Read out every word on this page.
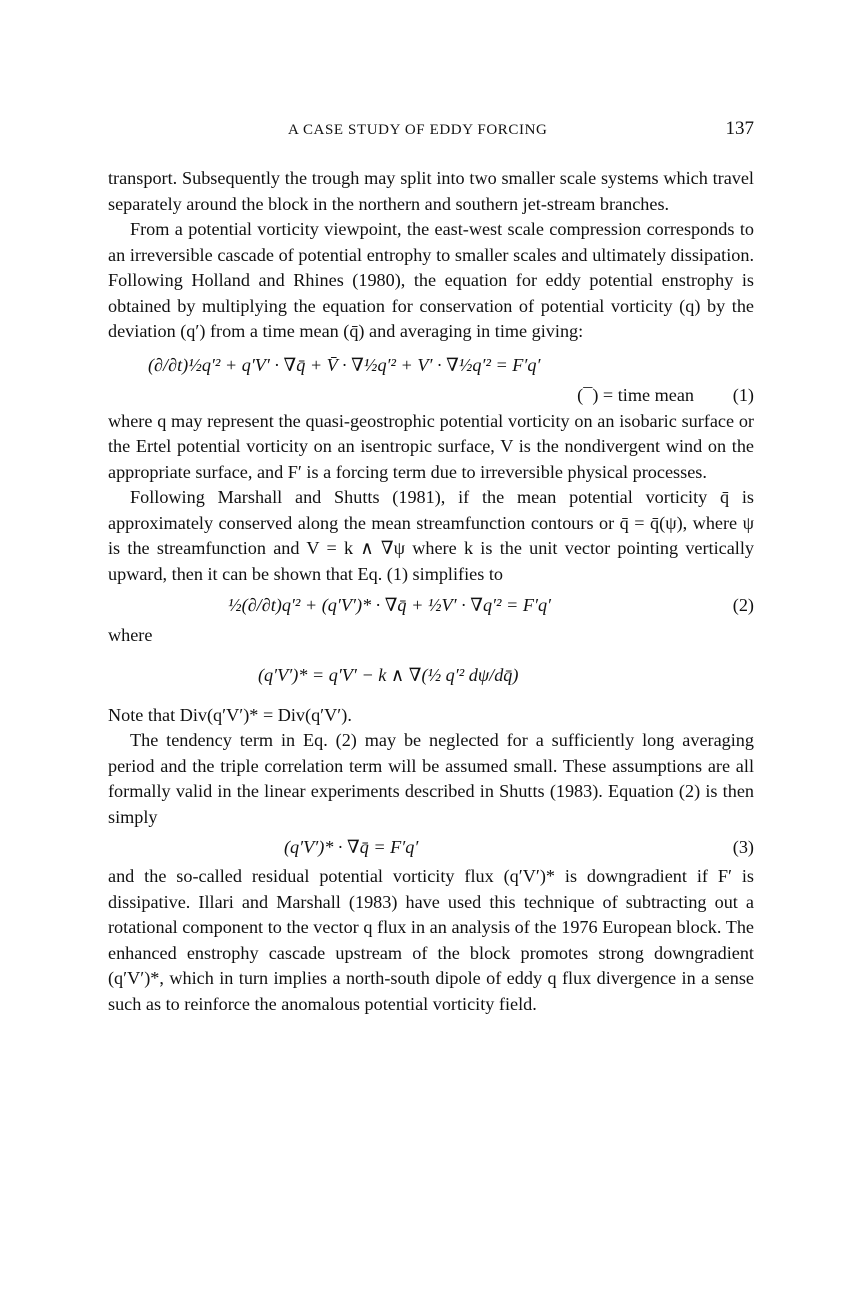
A CASE STUDY OF EDDY FORCING	137

transport. Subsequently the trough may split into two smaller scale systems which travel separately around the block in the northern and southern jet-stream branches.

From a potential vorticity viewpoint, the east-west scale compression corresponds to an irreversible cascade of potential entrophy to smaller scales and ultimately dissipation. Following Holland and Rhines (1980), the equation for eddy potential enstrophy is obtained by multiplying the equation for conservation of potential vorticity (q) by the deviation (q′) from a time mean (q̄) and averaging in time giving:

(∂/∂t)½q′² + q′V′ · ∇q̄ + V̄ · ∇½q′² + V′ · ∇½q′² = F′q′
(¯) = time mean (1)

where q may represent the quasi-geostrophic potential vorticity on an isobaric surface or the Ertel potential vorticity on an isentropic surface, V is the nondivergent wind on the appropriate surface, and F′ is a forcing term due to irreversible physical processes.

Following Marshall and Shutts (1981), if the mean potential vorticity q̄ is approximately conserved along the mean streamfunction contours or q̄ = q̄(ψ), where ψ is the streamfunction and V = k ∧ ∇ψ where k is the unit vector pointing vertically upward, then it can be shown that Eq. (1) simplifies to

½(∂/∂t)q′² + (q′V′)* · ∇q̄ + ½V′ · ∇q′² = F′q′	(2)

where

(q′V′)* = q′V′ − k ∧ ∇(½ q′² dψ/dq̄)

Note that Div(q′V′)* = Div(q′V′).

The tendency term in Eq. (2) may be neglected for a sufficiently long averaging period and the triple correlation term will be assumed small. These assumptions are all formally valid in the linear experiments described in Shutts (1983). Equation (2) is then simply

(q′V′)* · ∇q̄ = F′q′	(3)

and the so-called residual potential vorticity flux (q′V′)* is downgradient if F′ is dissipative. Illari and Marshall (1983) have used this technique of subtracting out a rotational component to the vector q flux in an analysis of the 1976 European block. The enhanced enstrophy cascade upstream of the block promotes strong downgradient (q′V′)*, which in turn implies a north-south dipole of eddy q flux divergence in a sense such as to reinforce the anomalous potential vorticity field.
